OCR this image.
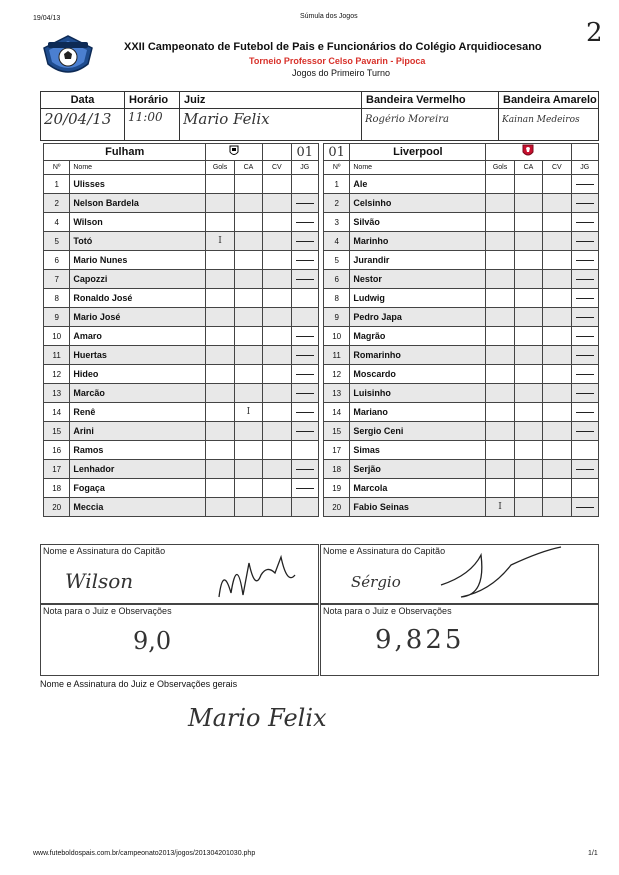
19/04/13	Súmula dos Jogos
2
XXII Campeonato de Futebol de Pais e Funcionários do Colégio Arquidiocesano
Torneio Professor Celso Pavarin - Pipoca
Jogos do Primeiro Turno
Data
20/04/13
Horário
11:00
Juiz
Mario Felix
Bandeira Vermelho
Rogério Moreira
Bandeira Amarelo
Kainan Medeiros
Fulham					01
Nº	Nome	Gols	CA	CV	JG
1	Ulisses				
2	Nelson Bardela				
4	Wilson				
5	Totó	I			
6	Mario Nunes				
7	Capozzi				
8	Ronaldo José				
9	Mario José				
10	Amaro				
11	Huertas				
12	Hideo				
13	Marcão				
14	Renê		I		
15	Arini				
16	Ramos				
17	Lenhador				
18	Fogaça				
20	Meccia				
01	Liverpool		
Nº	Nome	Gols	CA	CV	JG
1	Ale				
2	Celsinho				
3	Silvão				
4	Marinho				
5	Jurandir				
6	Nestor				
8	Ludwig				
9	Pedro Japa				
10	Magrão				
11	Romarinho				
12	Moscardo				
13	Luisinho				
14	Mariano				
15	Sergio Ceni				
17	Simas				
18	Serjão				
19	Marcola				
20	Fabio Seinas	I			
Nome e Assinatura do Capitão
Wilson
Nome e Assinatura do Capitão
Sérgio
Nota para o Juiz e Observações
9,0
Nota para o Juiz e Observações
9,825
Nome e Assinatura do Juiz e Observações gerais
Mario Felix
www.futeboldospais.com.br/campeonato2013/jogos/201304201030.php	1/1
